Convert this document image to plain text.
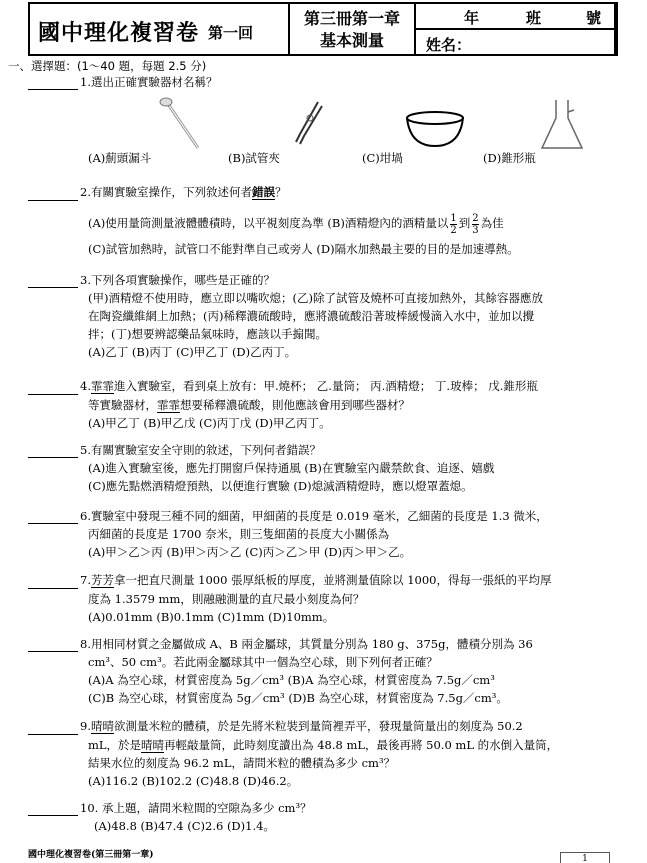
國中理化複習卷 第一回
第三冊第一章
基本測量
年	班	號
姓名：
一、選擇題：(1～40 題，每題 2.5 分)
1.選出正確實驗器材名稱？
(A)薊頭漏斗	(B)試管夾	(C)坩堝	(D)錐形瓶
2.有關實驗室操作，下列敘述何者錯誤？
(A)使用量筒測量液體體積時，以平視刻度為準 (B)酒精燈內的酒精量以 $\frac{1}{2}$ 到 $\frac{2}{3}$ 為佳
(C)試管加熱時，試管口不能對準自己或旁人 (D)隔水加熱最主要的目的是加速導熱。
3.下列各項實驗操作，哪些是正確的？
(甲)酒精燈不使用時，應立即以嘴吹熄；(乙)除了試管及燒杯可直接加熱外，其餘容器應放
在陶瓷纖維網上加熱；(丙)稀釋濃硫酸時，應將濃硫酸沿著玻棒緩慢滴入水中，並加以攪
拌；(丁)想要辨認藥品氣味時，應該以手搧聞。
(A)乙丁 (B)丙丁 (C)甲乙丁 (D)乙丙丁。
4.霏霏進入實驗室，看到桌上放有：甲.燒杯； 乙.量筒； 丙.酒精燈； 丁.玻棒； 戊.錐形瓶
等實驗器材，霏霏想要稀釋濃硫酸，則他應該會用到哪些器材？
(A)甲乙丁 (B)甲乙戊 (C)丙丁戊 (D)甲乙丙丁。
5.有關實驗室安全守則的敘述，下列何者錯誤？
(A)進入實驗室後，應先打開窗戶保持通風 (B)在實驗室內嚴禁飲食、追逐、嬉戲
(C)應先點燃酒精燈預熱，以便進行實驗 (D)熄滅酒精燈時，應以燈罩蓋熄。
6.實驗室中發現三種不同的細菌，甲細菌的長度是 0.019 毫米，乙細菌的長度是 1.3 微米，
丙細菌的長度是 1700 奈米，則三隻細菌的長度大小關係為
(A)甲＞乙＞丙 (B)甲＞丙＞乙 (C)丙＞乙＞甲 (D)丙＞甲＞乙。
7.芳芳拿一把直尺測量 1000 張厚紙板的厚度，並將測量值除以 1000，得每一張紙的平均厚
度為 1.3579 mm，則融融測量的直尺最小刻度為何？
(A)0.01mm (B)0.1mm (C)1mm (D)10mm。
8.用相同材質之金屬做成 A、B 兩金屬球，其質量分別為 180 g、375g，體積分別為 36
cm³、50 cm³。若此兩金屬球其中一個為空心球，則下列何者正確？
(A)A 為空心球，材質密度為 5g／cm³ (B)A 為空心球，材質密度為 7.5g／cm³
(C)B 為空心球，材質密度為 5g／cm³ (D)B 為空心球，材質密度為 7.5g／cm³。
9.晴晴欲測量米粒的體積，於是先將米粒裝到量筒裡弄平，發現量筒量出的刻度為 50.2
mL，於是晴晴再輕敲量筒，此時刻度讀出為 48.8 mL，最後再將 50.0 mL 的水倒入量筒，
結果水位的刻度為 96.2 mL，請問米粒的體積為多少 cm³？
(A)116.2 (B)102.2 (C)48.8 (D)46.2。
10. 承上題，請問米粒間的空隙為多少 cm³？
(A)48.8 (B)47.4 (C)2.6 (D)1.4。
國中理化複習卷(第三冊第一章)	1
